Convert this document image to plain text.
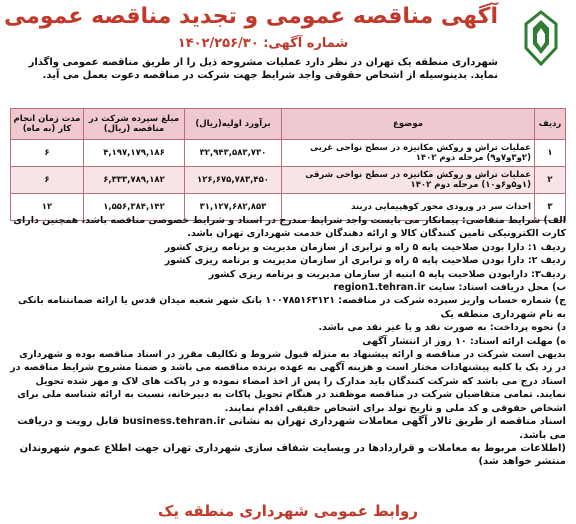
آگهی مناقصه عمومی و تجدید مناقصه عمومی
شماره آگهی: ۱۴۰۲/۲۵۶/۳۰
شهرداری منطقه یک تهران در نظر دارد عملیات مشروحه ذیل را از طریق مناقصه عمومی واگذار نماید. بدینوسیله از اشخاص حقوقی واجد شرایط جهت شرکت در مناقصه دعوت بعمل می آید.
ردیف	موضوع	برآورد اولیه(ریال)	مبلغ سپرده شرکت در مناقصه (ریال)	مدت زمان انجام کار (به ماه)
۱	عملیات تراش و روکش مکانیزه در سطح نواحی غربی (۲و۳و۷و۹) مرحله دوم ۱۴۰۲	۳۲,۹۴۳,۵۸۳,۷۳۰	۴,۱۹۷,۱۷۹,۱۸۶	۶
۲	عملیات تراش و روکش مکانیزه در سطح نواحی شرقی (۱و۵و۶و۱۰) مرحله دوم ۱۴۰۲	۱۲۶,۶۷۵,۷۸۳,۴۵۰	۶,۳۳۳,۷۸۹,۱۸۲	۶
۳	احداث سر در ورودی محور کوهپیمایی دربند	۳۱,۱۲۷,۶۸۲,۸۵۳	۱,۵۵۶,۳۸۴,۱۴۲	۱۲

الف) شرایط متقاضی: پیمانکار می بایست واجد شرایط مندرج در اسناد و شرایط خصوصی مناقصه باشد، همچنین دارای کارت الکترونیکی تامین کنندگان کالا و ارائه دهندگان خدمت شهرداری تهران باشد.

ردیف ۱: دارا بودن صلاحیت پایه ۵ راه و ترابری از سازمان مدیریت و برنامه ریزی کشور

ردیف ۲: دارا بودن صلاحیت پایه ۵ راه و ترابری از سازمان مدیریت و برنامه ریزی کشور

ردیف۳: دارابودن صلاحیت پایه ۵ ابنیه از سازمان مدیریت و برنامه ریزی کشور

ب) محل دریافت اسناد: سایت region1.tehran.ir

ج) شماره حساب واریز سپرده شرکت در مناقصه: ۱۰۰۷۸۵۱۶۳۱۲۱ بانک شهر شعبه میدان قدس یا ارائه ضمانتنامه بانکی به نام شهرداری منطقه یک

د) نحوه پرداخت: به صورت نقد و یا غیر نقد می باشد.

ه) مهلت ارائه اسناد: ۱۰ روز از انتشار آگهی

بدیهی است شرکت در مناقصه و ارائه پیشنهاد به منزله قبول شروط و تکالیف مقرر در اسناد مناقصه بوده و شهرداری در رد یک یا کلیه پیشنهادات مختار است و هزینه آگهی به عهده برنده مناقصه می باشد و ضمنا مشروح شرایط مناقصه در اسناد درج می باشد که شرکت کنندگان باید مدارک را پس از اخذ امضاء نموده و در پاکت های لاک و مهر شده تحویل نمایند. تمامی متقاضیان شرکت در مناقصه موظفند در هنگام تحویل پاکات به دبیرخانه، نسبت به ارائه شناسه ملی برای اشخاص حقوقی و کد ملی و تاریخ تولد برای اشخاص حقیقی اقدام نمایند.

اسناد مناقصه از طریق تالار آگهی معاملات شهرداری تهران به نشانی business.tehran.ir قابل رویت و دریافت می باشد.

(اطلاعات مربوط به معاملات و قراردادها در وبسایت شفاف سازی شهرداری تهران جهت اطلاع عموم شهروندان منتشر خواهد شد)

روابط عمومی شهرداری منطقه یک
